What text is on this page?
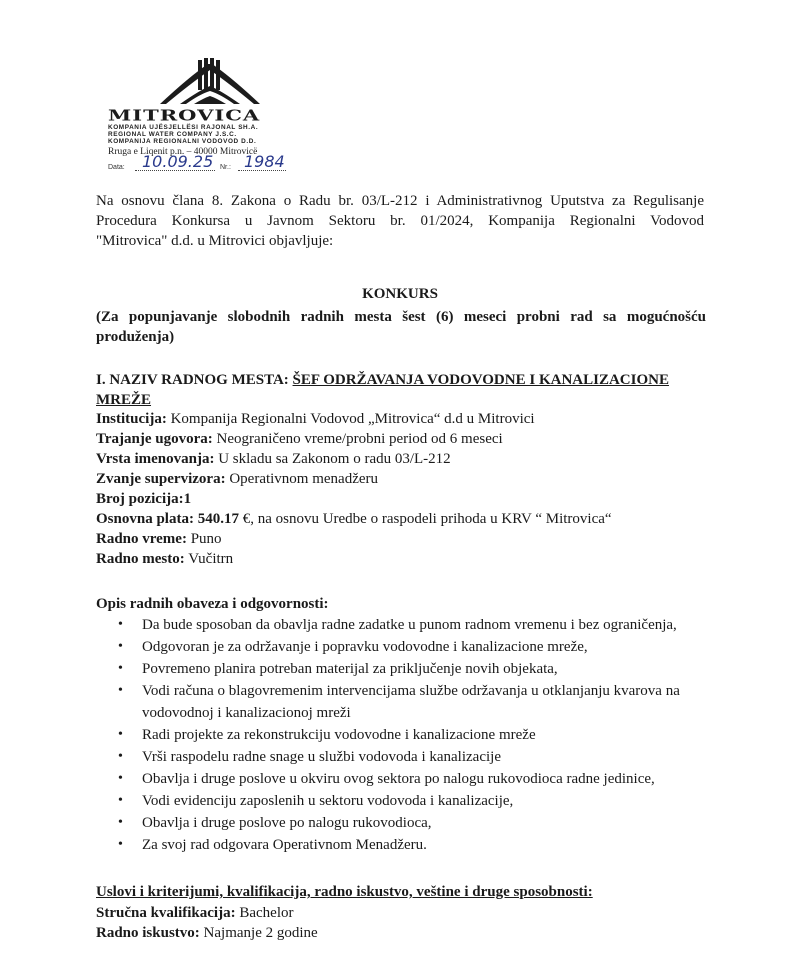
MITROVICA
KOMPANIA UJËSJELLËSI RAJONAL SH.A.
REGIONAL WATER COMPANY J.S.C.
KOMPANIJA REGIONALNI VODOVOD D.D.
Rruga e Liqenit p.n. – 40000 Mitrovicë
Data: 10.09.25 Nr.: 1984
Na osnovu člana 8. Zakona o Radu br. 03/L-212 i Administrativnog Uputstva za Regulisanje
Procedura Konkursa u Javnom Sektoru br. 01/2024, Kompanija Regionalni Vodovod
"Mitrovica" d.d. u Mitrovici objavljuje:
KONKURS
(Za popunjavanje slobodnih radnih mesta šest (6) meseci probni rad sa mogućnošću
produženja)
I. NAZIV RADNOG MESTA: ŠEF ODRŽAVANJA VODOVODNE I KANALIZACIONE
MREŽE
Institucija: Kompanija Regionalni Vodovod „Mitrovica“ d.d u Mitrovici
Trajanje ugovora: Neograničeno vreme/probni period od 6 meseci
Vrsta imenovanja: U skladu sa Zakonom o radu 03/L-212
Zvanje supervizora: Operativnom menadžeru
Broj pozicija:1
Osnovna plata: 540.17 €, na osnovu Uredbe o raspodeli prihoda u KRV “ Mitrovica“
Radno vreme: Puno
Radno mesto: Vučitrn
Opis radnih obaveza i odgovornosti:
• Da bude sposoban da obavlja radne zadatke u punom radnom vremenu i bez ograničenja,
• Odgovoran je za održavanje i popravku vodovodne i kanalizacione mreže,
• Povremeno planira potreban materijal za priključenje novih objekata,
• Vodi računa o blagovremenim intervencijama službe održavanja u otklanjanju kvarova na vodovodnoj i kanalizacionoj mreži
• Radi projekte za rekonstrukciju vodovodne i kanalizacione mreže
• Vrši raspodelu radne snage u službi vodovoda i kanalizacije
• Obavlja i druge poslove u okviru ovog sektora po nalogu rukovodioca radne jedinice,
• Vodi evidenciju zaposlenih u sektoru vodovoda i kanalizacije,
• Obavlja i druge poslove po nalogu rukovodioca,
• Za svoj rad odgovara Operativnom Menadžeru.
Uslovi i kriterijumi, kvalifikacija, radno iskustvo, veštine i druge sposobnosti:
Stručna kvalifikacija: Bachelor
Radno iskustvo: Najmanje 2 godine
